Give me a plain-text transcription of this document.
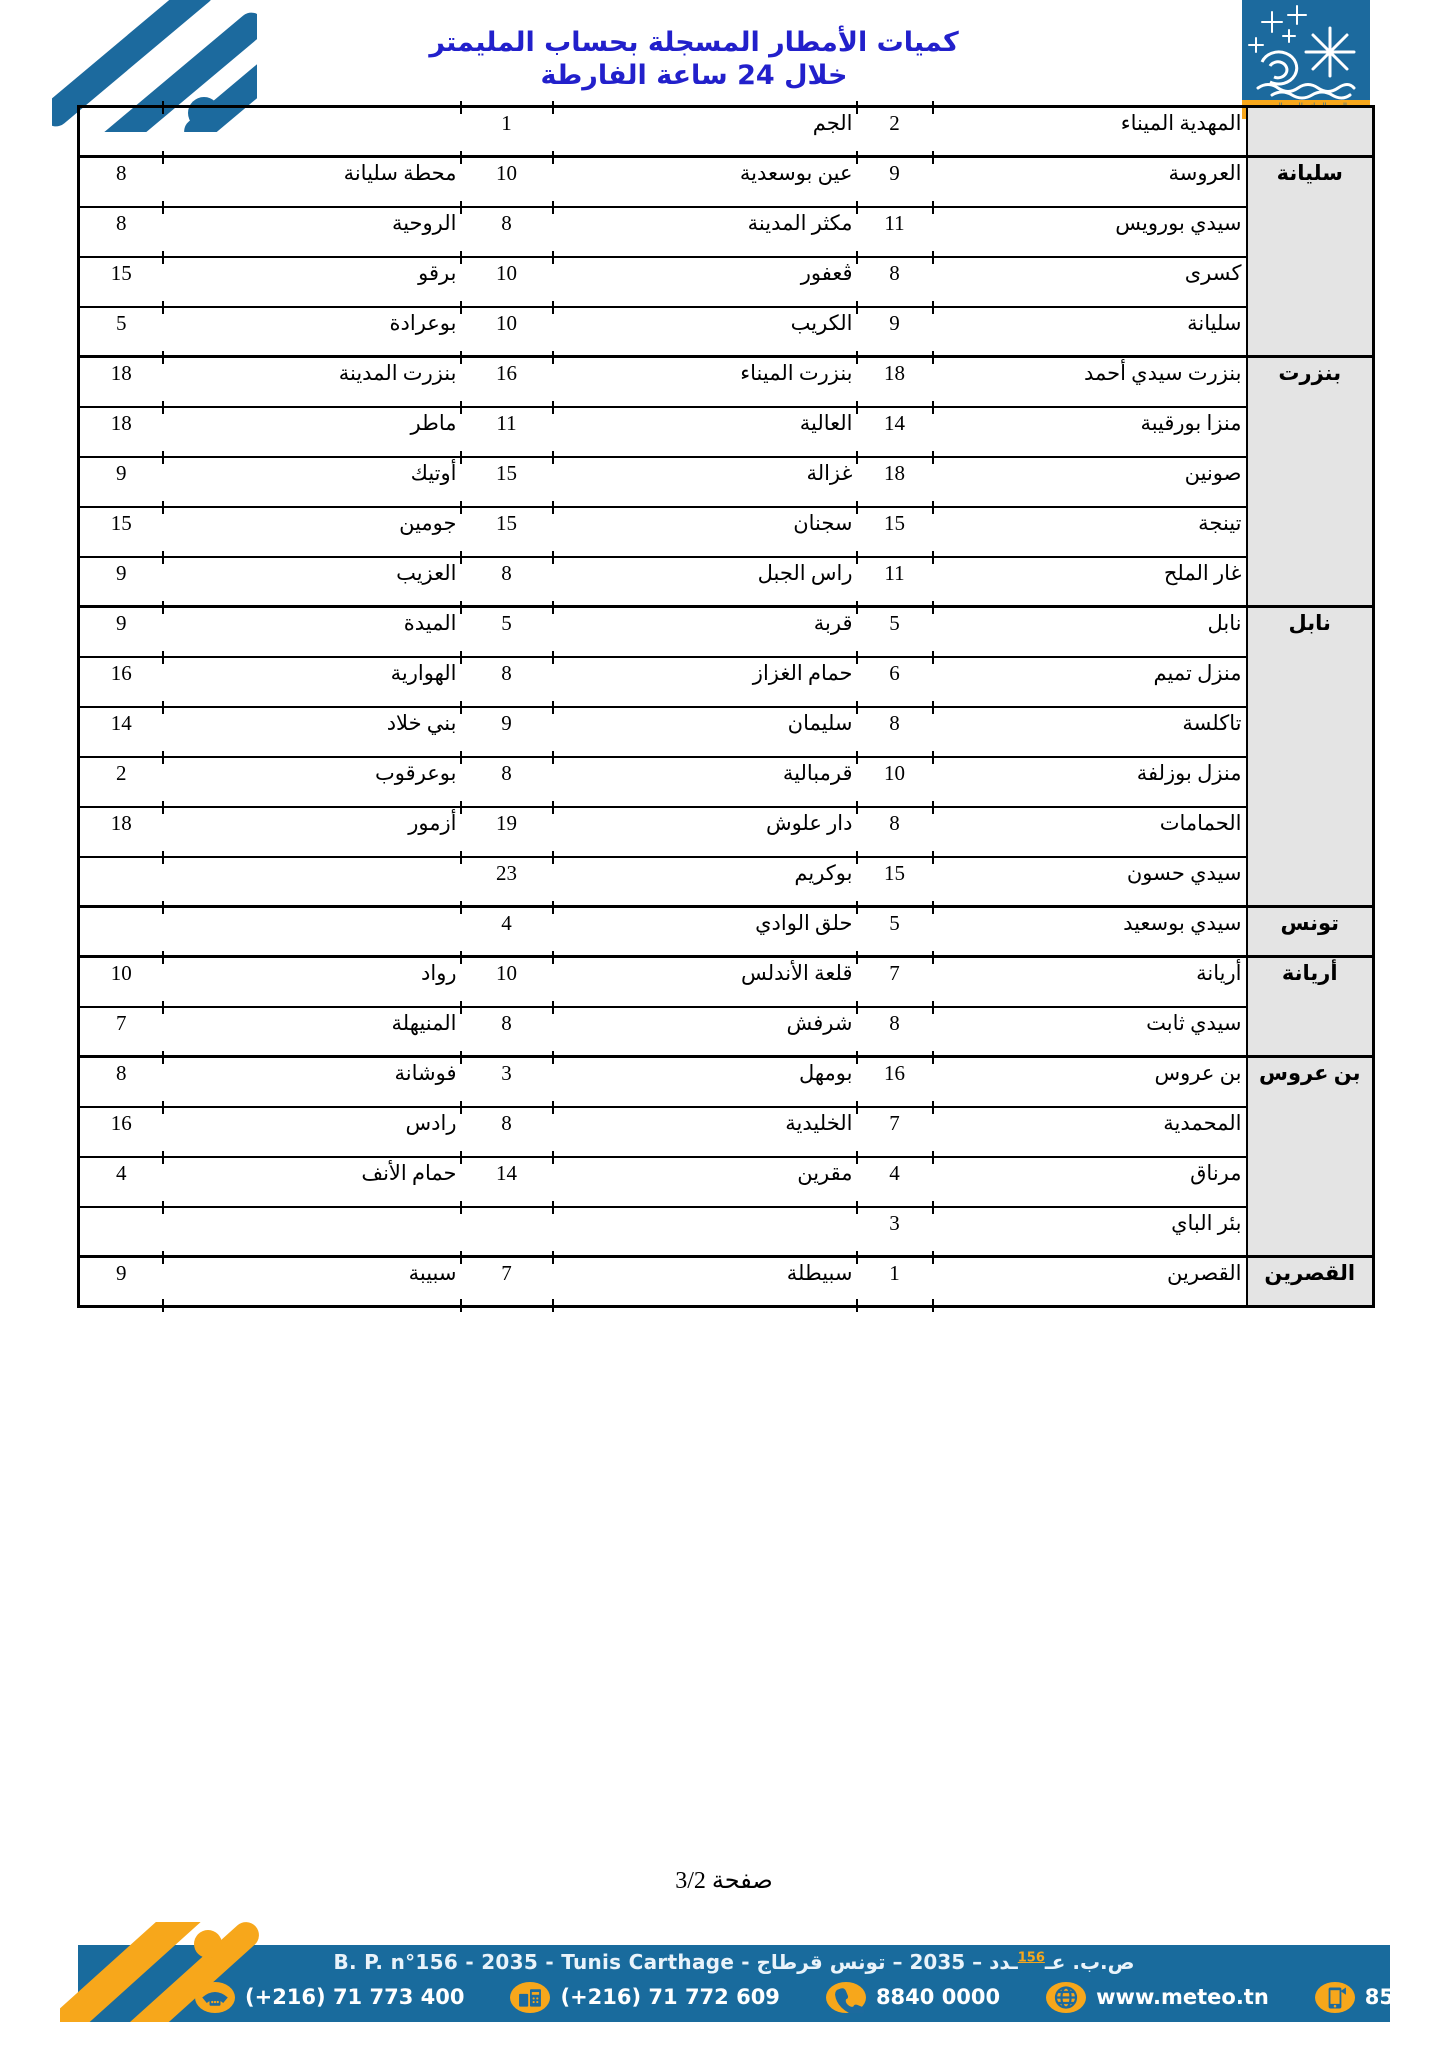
كميات الأمطار المسجلة بحساب المليمتر
خلال 24 ساعة الفارطة
	المهدية الميناء	2	الجم	1		
سليانة	العروسة	9	عين بوسعدية	10	محطة سليانة	8
	سيدي بورويس	11	مكثر المدينة	8	الروحية	8
	كسرى	8	ڨعفور	10	برقو	15
	سليانة	9	الكريب	10	بوعرادة	5
بنزرت	بنزرت سيدي أحمد	18	بنزرت الميناء	16	بنزرت المدينة	18
	منزا بورقيبة	14	العالية	11	ماطر	18
	صونين	18	غزالة	15	أوتيك	9
	تينجة	15	سجنان	15	جومين	15
	غار الملح	11	راس الجبل	8	العزيب	9
نابل	نابل	5	قربة	5	الميدة	9
	منزل تميم	6	حمام الغزاز	8	الهوارية	16
	تاكلسة	8	سليمان	9	بني خلاد	14
	منزل بوزلفة	10	قرمبالية	8	بوعرقوب	2
	الحمامات	8	دار علوش	19	أزمور	18
	سيدي حسون	15	بوكريم	23		
تونس	سيدي بوسعيد	5	حلق الوادي	4		
أريانة	أريانة	7	قلعة الأندلس	10	رواد	10
	سيدي ثابت	8	شرفش	8	المنيهلة	7
بن عروس	بن عروس	16	بومهل	3	فوشانة	8
	المحمدية	7	الخليدية	8	رادس	16
	مرناق	4	مقرين	14	حمام الأنف	4
	بئر الباي	3				
القصرين	القصرين	1	سبيطلة	7	سبيبة	9
صفحة 3/2
ص.ب. عـ$^{156}$ـدد – 2035 – تونس قرطاج - B. P. n°156 - 2035 - Tunis Carthage
(+216) 71 773 400	(+216) 71 772 609	8840 0000	www.meteo.tn	85012
